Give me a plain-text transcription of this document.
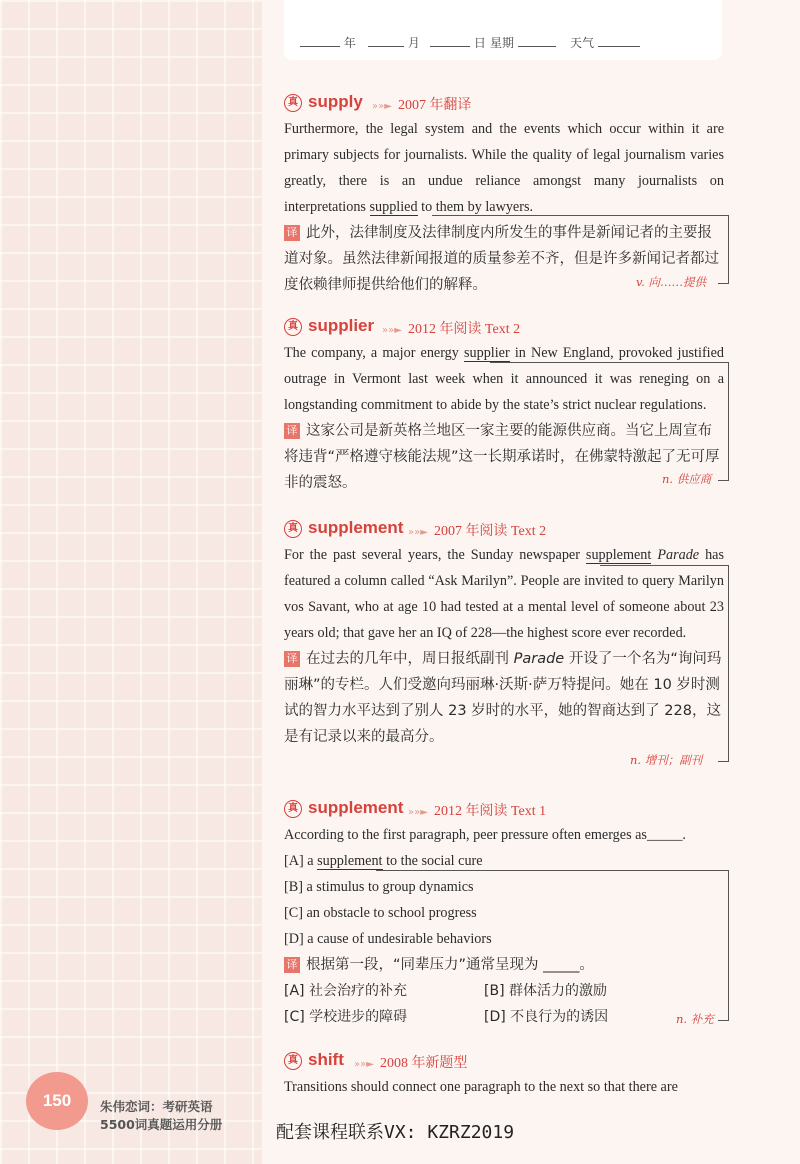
年	月	日 星期	天气
真 supply »»► 2007 年翻译

Furthermore, the legal system and the events which occur within it are primary subjects for journalists. While the quality of legal journalism varies greatly, there is an undue reliance amongst many journalists on interpretations supplied to them by lawyers.

译 此外，法律制度及法律制度内所发生的事件是新闻记者的主要报道对象。虽然法律新闻报道的质量参差不齐，但是许多新闻记者都过度依赖律师提供给他们的解释。	v. 向……提供
真 supplier »»► 2012 年阅读 Text 2

The company, a major energy supplier in New England, provoked justified outrage in Vermont last week when it announced it was reneging on a longstanding commitment to abide by the state’s strict nuclear regulations.

译 这家公司是新英格兰地区一家主要的能源供应商。当它上周宣布将违背“严格遵守核能法规”这一长期承诺时，在佛蒙特激起了无可厚非的震怒。	n. 供应商
真 supplement »»► 2007 年阅读 Text 2

For the past several years, the Sunday newspaper supplement Parade has featured a column called “Ask Marilyn”. People are invited to query Marilyn vos Savant, who at age 10 had tested at a mental level of someone about 23 years old; that gave her an IQ of 228—the highest score ever recorded.

译 在过去的几年中，周日报纸副刊 Parade 开设了一个名为“询问玛丽琳”的专栏。人们受邀向玛丽琳·沃斯·萨万特提问。她在 10 岁时测试的智力水平达到了别人 23 岁时的水平，她的智商达到了 228，这是有记录以来的最高分。

n. 增刊；副刊
真 supplement »»► 2012 年阅读 Text 1

According to the first paragraph, peer pressure often emerges as_____.

[A] a supplement to the social cure

[B] a stimulus to group dynamics

[C] an obstacle to school progress

[D] a cause of undesirable behaviors

译 根据第一段，“同辈压力”通常呈现为 _____。

[A] 社会治疗的补充	[B] 群体活力的激励
[C] 学校进步的障碍	[D] 不良行为的诱因	n. 补充
真 shift »»► 2008 年新题型

Transitions should connect one paragraph to the next so that there are

150	朱伟恋词：考研英语
5500词真题运用分册	配套课程联系VX: KZRZ2019
